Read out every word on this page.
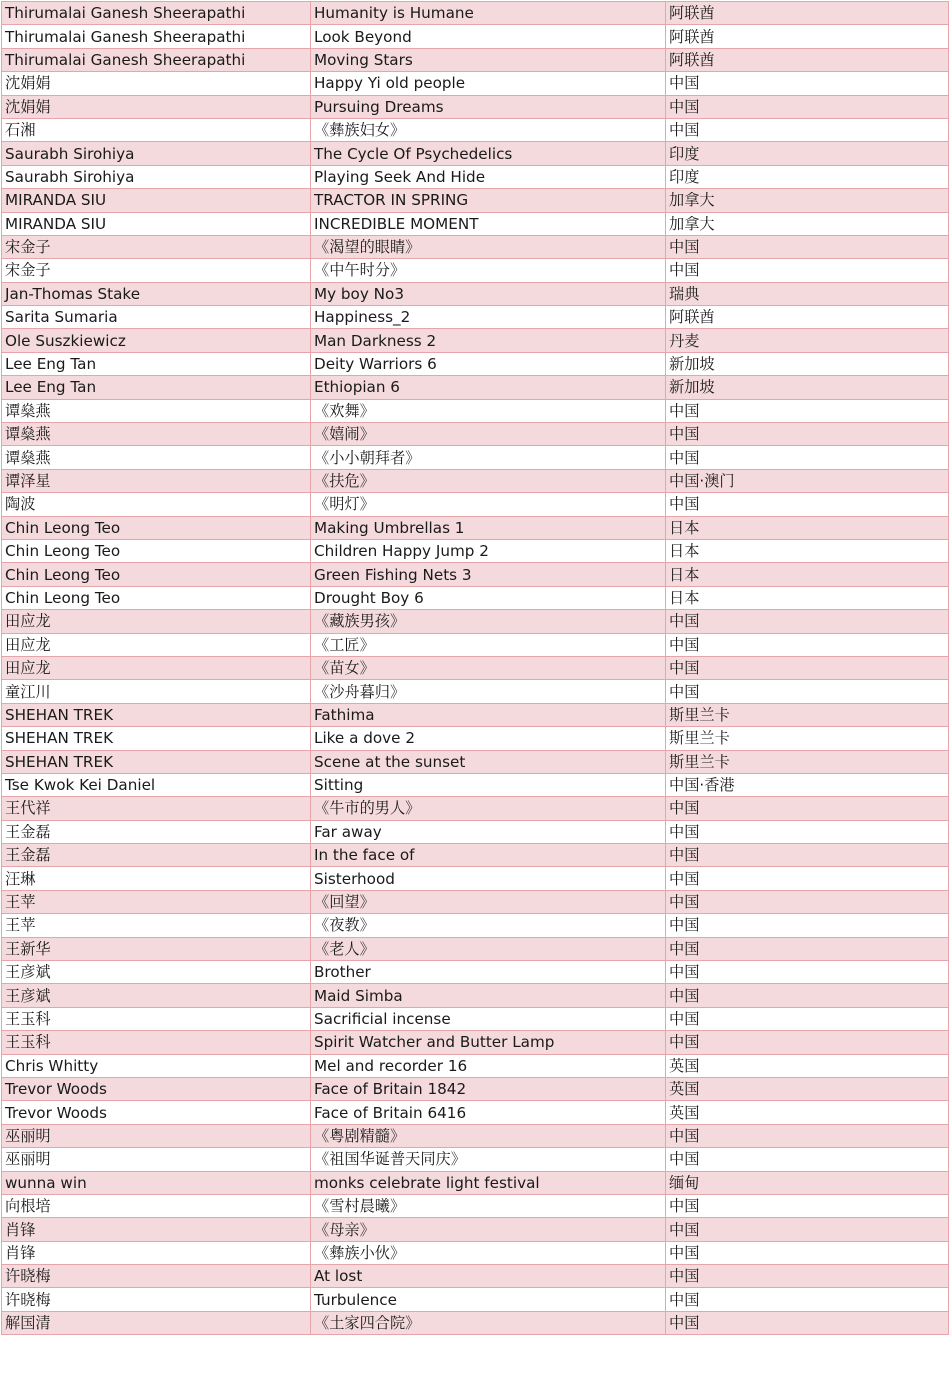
Thirumalai Ganesh Sheerapathi	Humanity is Humane	阿联酋
Thirumalai Ganesh Sheerapathi	Look Beyond	阿联酋
Thirumalai Ganesh Sheerapathi	Moving Stars	阿联酋
沈娟娟	Happy Yi old people	中国
沈娟娟	Pursuing Dreams	中国
石湘	《彝族妇女》	中国
Saurabh Sirohiya	The Cycle Of Psychedelics	印度
Saurabh Sirohiya	Playing Seek And Hide	印度
MIRANDA SIU	TRACTOR IN SPRING	加拿大
MIRANDA SIU	INCREDIBLE MOMENT	加拿大
宋金子	《渴望的眼睛》	中国
宋金子	《中午时分》	中国
Jan-Thomas Stake	My boy No3	瑞典
Sarita Sumaria	Happiness_2	阿联酋
Ole Suszkiewicz	Man Darkness 2	丹麦
Lee Eng Tan	Deity Warriors 6	新加坡
Lee Eng Tan	Ethiopian 6	新加坡
谭燊燕	《欢舞》	中国
谭燊燕	《嬉闹》	中国
谭燊燕	《小小朝拜者》	中国
谭泽星	《扶危》	中国·澳门
陶波	《明灯》	中国
Chin Leong Teo	Making Umbrellas 1	日本
Chin Leong Teo	Children Happy Jump 2	日本
Chin Leong Teo	Green Fishing Nets 3	日本
Chin Leong Teo	Drought Boy 6	日本
田应龙	《藏族男孩》	中国
田应龙	《工匠》	中国
田应龙	《苗女》	中国
童江川	《沙舟暮归》	中国
SHEHAN TREK	Fathima	斯里兰卡
SHEHAN TREK	Like a dove 2	斯里兰卡
SHEHAN TREK	Scene at the sunset	斯里兰卡
Tse Kwok Kei Daniel	Sitting	中国·香港
王代祥	《牛市的男人》	中国
王金磊	Far away	中国
王金磊	In the face of	中国
汪琳	Sisterhood	中国
王苹	《回望》	中国
王苹	《夜教》	中国
王新华	《老人》	中国
王彦斌	Brother	中国
王彦斌	Maid Simba	中国
王玉科	Sacrificial incense	中国
王玉科	Spirit Watcher and Butter Lamp	中国
Chris Whitty	Mel and recorder 16	英国
Trevor Woods	Face of Britain 1842	英国
Trevor Woods	Face of Britain 6416	英国
巫丽明	《粤剧精髓》	中国
巫丽明	《祖国华诞普天同庆》	中国
wunna win	monks celebrate light festival	缅甸
向根培	《雪村晨曦》	中国
肖锋	《母亲》	中国
肖锋	《彝族小伙》	中国
许晓梅	At lost	中国
许晓梅	Turbulence	中国
解国清	《土家四合院》	中国
